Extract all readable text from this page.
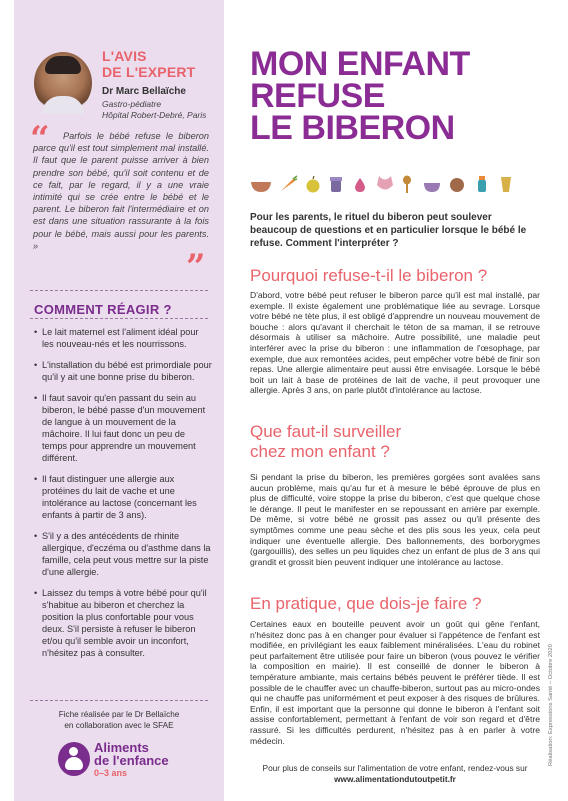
L'AVIS
DE L'EXPERT
Dr Marc Bellaïche
Gastro-pédiatre
Hôpital Robert-Debré, Paris
“	Parfois le bébé refuse le biberon parce qu'il est tout simplement mal installé. Il faut que le parent puisse arriver à bien prendre son bébé, qu'il soit contenu et de ce fait, par le regard, il y a une vraie intimité qui se crée entre le bébé et le parent. Le biberon fait l'intermédiaire et on est dans une situation rassurante à la fois pour le bébé, mais aussi pour les parents. »
”
COMMENT RÉAGIR ?
• Le lait maternel est l'aliment idéal pour les nouveau-nés et les nourrissons.
• L'installation du bébé est primordiale pour qu'il y ait une bonne prise du biberon.
• Il faut savoir qu'en passant du sein au biberon, le bébé passe d'un mouvement de langue à un mouvement de la mâchoire. Il lui faut donc un peu de temps pour apprendre un mouvement différent.
• Il faut distinguer une allergie aux protéines du lait de vache et une intolérance au lactose (concernant les enfants à partir de 3 ans).
• S'il y a des antécédents de rhinite allergique, d'eczéma ou d'asthme dans la famille, cela peut vous mettre sur la piste d'une allergie.
• Laissez du temps à votre bébé pour qu'il s'habitue au biberon et cherchez la position la plus confortable pour vous deux. S'il persiste à refuser le biberon et/ou qu'il semble avoir un inconfort, n'hésitez pas à consulter.
Fiche réalisée par le Dr Bellaïche
en collaboration avec le SFAE
Aliments
de l'enfance
0–3 ans
MON ENFANT
REFUSE
LE BIBERON
Pour les parents, le rituel du biberon peut soulever beaucoup de questions et en particulier lorsque le bébé le refuse. Comment l'interpréter ?
Pourquoi refuse-t-il le biberon ?
D'abord, votre bébé peut refuser le biberon parce qu'il est mal installé, par exemple. Il existe également une problématique liée au sevrage. Lorsque votre bébé ne tète plus, il est obligé d'apprendre un nouveau mouvement de bouche : alors qu'avant il cherchait le téton de sa maman, il se retrouve désormais à utiliser sa mâchoire. Autre possibilité, une maladie peut interférer avec la prise du biberon : une inflammation de l'œsophage, par exemple, due aux remontées acides, peut empêcher votre bébé de finir son repas. Une allergie alimentaire peut aussi être envisagée. Lorsque le bébé boit un lait à base de protéines de lait de vache, il peut provoquer une allergie. Après 3 ans, on parle plutôt d'intolérance au lactose.
Que faut-il surveiller
chez mon enfant ?
Si pendant la prise du biberon, les premières gorgées sont avalées sans aucun problème, mais qu'au fur et à mesure le bébé éprouve de plus en plus de difficulté, voire stoppe la prise du biberon, c'est que quelque chose le dérange. Il peut le manifester en se repoussant en arrière par exemple. De même, si votre bébé ne grossit pas assez ou qu'il présente des symptômes comme une peau sèche et des plis sous les yeux, cela peut indiquer une éventuelle allergie. Des ballonnements, des borborygmes (gargouillis), des selles un peu liquides chez un enfant de plus de 3 ans qui grandit et grossit bien peuvent indiquer une intolérance au lactose.
En pratique, que dois-je faire ?
Certaines eaux en bouteille peuvent avoir un goût qui gêne l'enfant, n'hésitez donc pas à en changer pour évaluer si l'appétence de l'enfant est modifiée, en privilégiant les eaux faiblement minéralisées. L'eau du robinet peut parfaitement être utilisée pour faire un biberon (vous pouvez le vérifier la composition en mairie). Il est conseillé de donner le biberon à température ambiante, mais certains bébés peuvent le préférer tiède. Il est possible de le chauffer avec un chauffe-biberon, surtout pas au micro-ondes qui ne chauffe pas uniformément et peut exposer à des risques de brûlures. Enfin, il est important que la personne qui donne le biberon à l'enfant soit assise confortablement, permettant à l'enfant de voir son regard et d'être rassuré. Si les difficultés perdurent, n'hésitez pas à en parler à votre médecin.
Pour plus de conseils sur l'alimentation de votre enfant, rendez-vous sur
www.alimentationdutoutpetit.fr
Réalisation: Expressions Santé – Octobre 2020
